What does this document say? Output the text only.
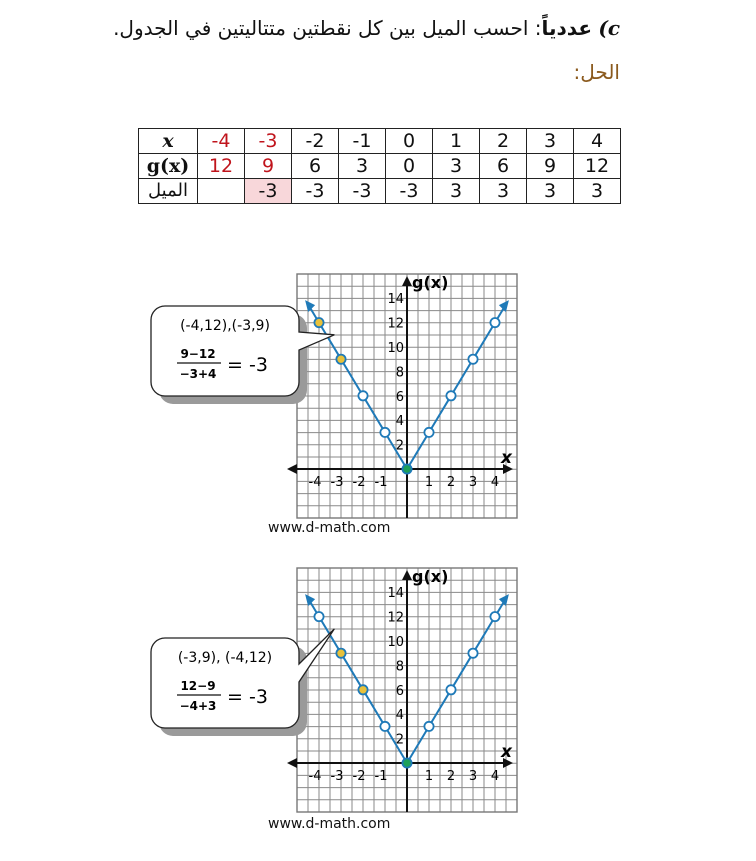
c) عددياً: احسب الميل بين كل نقطتين متتاليتين في الجدول.
الحل:
x	-4	-3	-2	-1	0	1	2	3	4
g(x)	12	9	6	3	0	3	6	9	12
الميل		-3	-3	-3	-3	3	3	3	3
x
g(x)
-4 -3 -2 -1	1 2 3 4
2
4
6
8
10
12
14
(-4,12),(-3,9)
9−12
−3+4 = -3
www.d-math.com
x
g(x)
-4 -3 -2 -1	1 2 3 4
2
4
6
8
10
12
14
(-3,9), (-4,12)
12−9
−4+3 = -3
www.d-math.com
